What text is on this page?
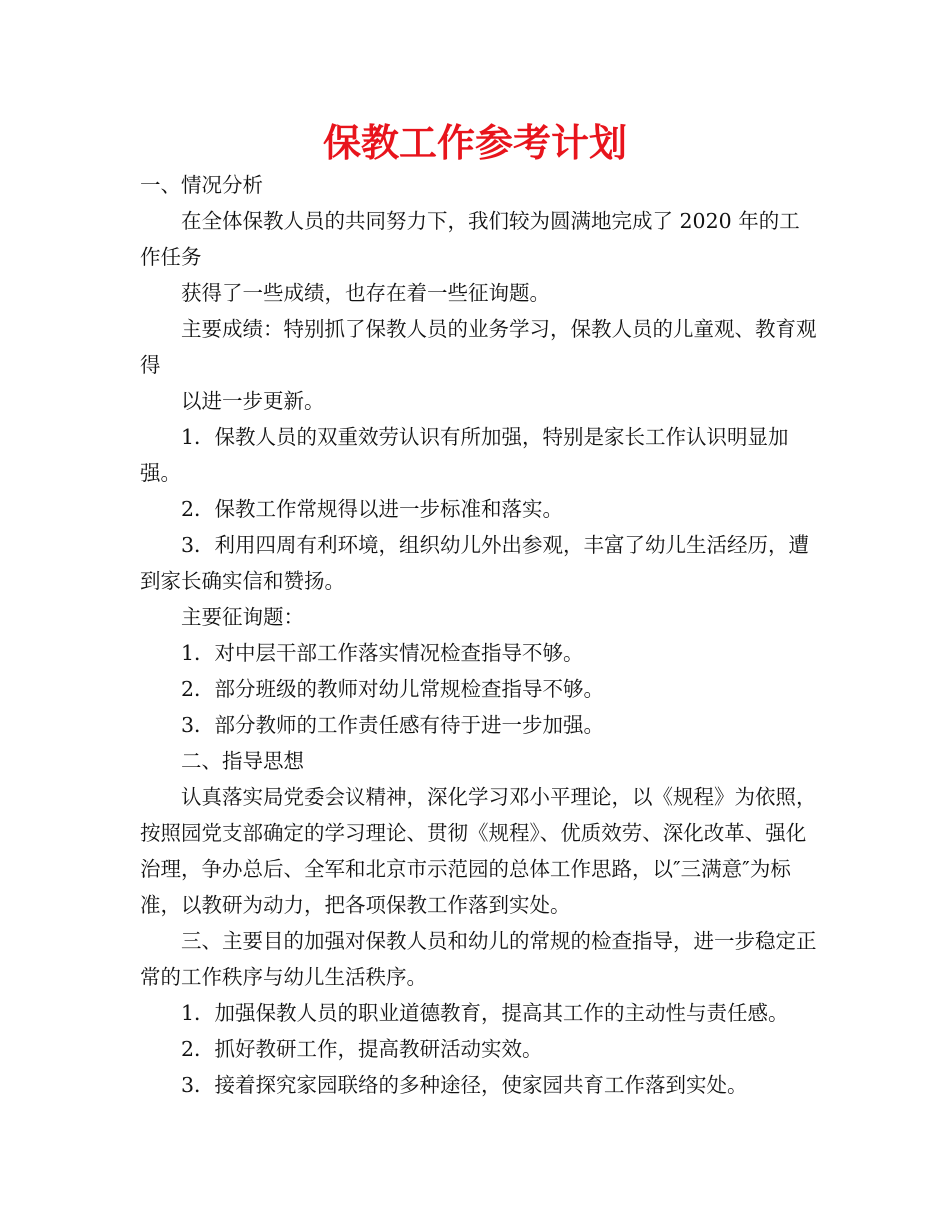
保教工作参考计划

一、情况分析

在全体保教人员的共同努力下，我们较为圆满地完成了 2020 年的工作任务

获得了一些成绩，也存在着一些征询题。

主要成绩：特别抓了保教人员的业务学习，保教人员的儿童观、教育观得

以进一步更新。

1．保教人员的双重效劳认识有所加强，特别是家长工作认识明显加强。

2．保教工作常规得以进一步标准和落实。

3．利用四周有利环境，组织幼儿外出参观，丰富了幼儿生活经历，遭到家长确实信和赞扬。

主要征询题：

1．对中层干部工作落实情况检查指导不够。

2．部分班级的教师对幼儿常规检查指导不够。

3．部分教师的工作责任感有待于进一步加强。

二、指导思想

认真落实局党委会议精神，深化学习邓小平理论，以《规程》为依照，按照园党支部确定的学习理论、贯彻《规程》、优质效劳、深化改革、强化治理，争办总后、全军和北京市示范园的总体工作思路，以″三满意″为标准，以教研为动力，把各项保教工作落到实处。

三、主要目的加强对保教人员和幼儿的常规的检查指导，进一步稳定正常的工作秩序与幼儿生活秩序。

1．加强保教人员的职业道德教育，提高其工作的主动性与责任感。

2．抓好教研工作，提高教研活动实效。

3．接着探究家园联络的多种途径，使家园共育工作落到实处。
